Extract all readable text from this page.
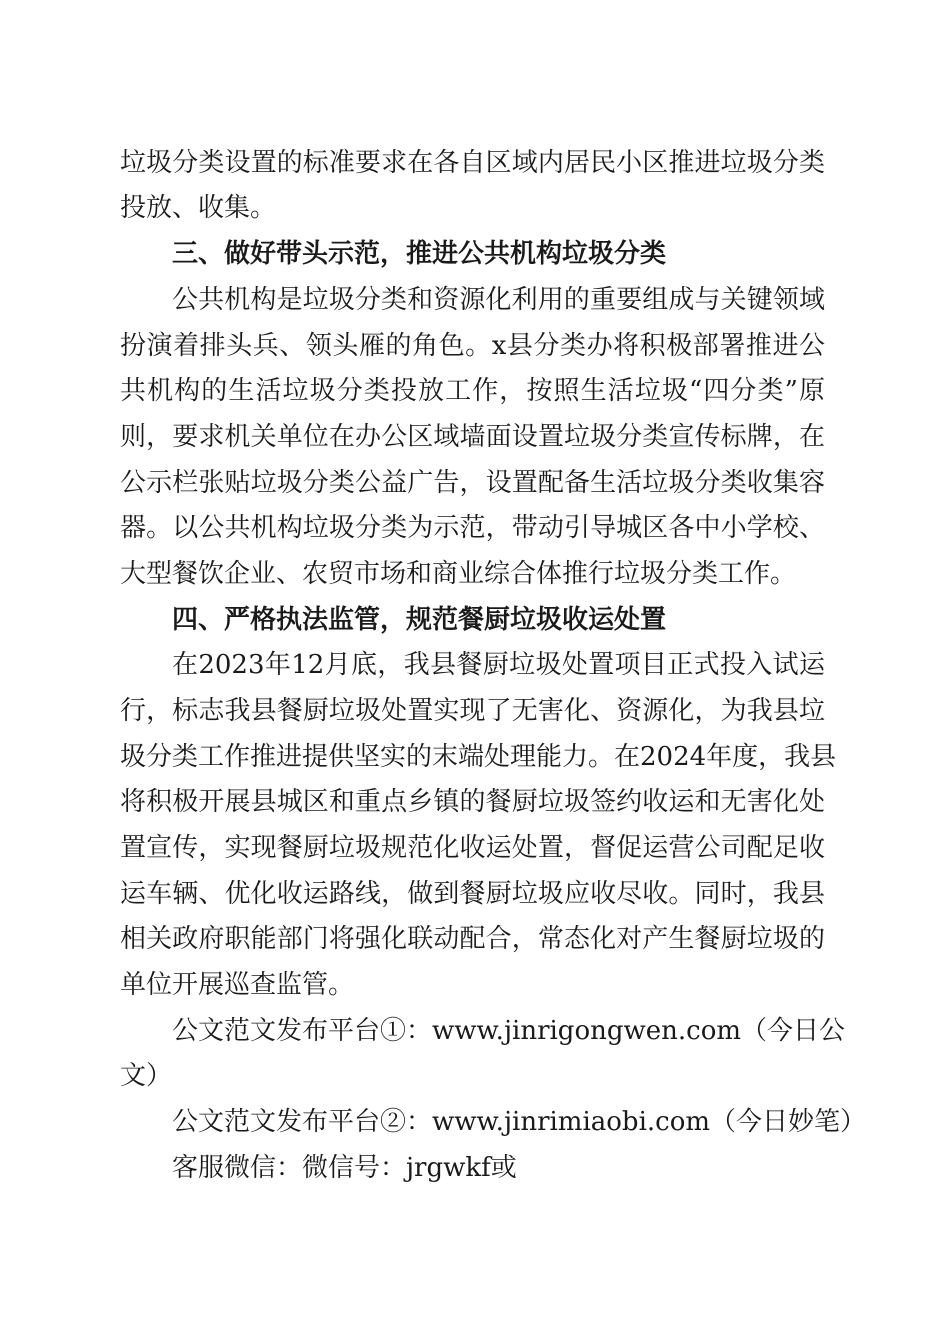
垃圾分类设置的标准要求在各自区域内居民小区推进垃圾分类
投放、收集。
三、做好带头示范，推进公共机构垃圾分类
公共机构是垃圾分类和资源化利用的重要组成与关键领域
扮演着排头兵、领头雁的角色。x县分类办将积极部署推进公
共机构的生活垃圾分类投放工作，按照生活垃圾“四分类”原
则，要求机关单位在办公区域墙面设置垃圾分类宣传标牌，在
公示栏张贴垃圾分类公益广告，设置配备生活垃圾分类收集容
器。以公共机构垃圾分类为示范，带动引导城区各中小学校、
大型餐饮企业、农贸市场和商业综合体推行垃圾分类工作。
四、严格执法监管，规范餐厨垃圾收运处置
在2023年12月底，我县餐厨垃圾处置项目正式投入试运
行，标志我县餐厨垃圾处置实现了无害化、资源化，为我县垃
圾分类工作推进提供坚实的末端处理能力。在2024年度，我县
将积极开展县城区和重点乡镇的餐厨垃圾签约收运和无害化处
置宣传，实现餐厨垃圾规范化收运处置，督促运营公司配足收
运车辆、优化收运路线，做到餐厨垃圾应收尽收。同时，我县
相关政府职能部门将强化联动配合，常态化对产生餐厨垃圾的
单位开展巡查监管。
公文范文发布平台①：www.jinrigongwen.com（今日公
文）
公文范文发布平台②：www.jinrimiaobi.com（今日妙笔）
客服微信：微信号：jrgwkf或
